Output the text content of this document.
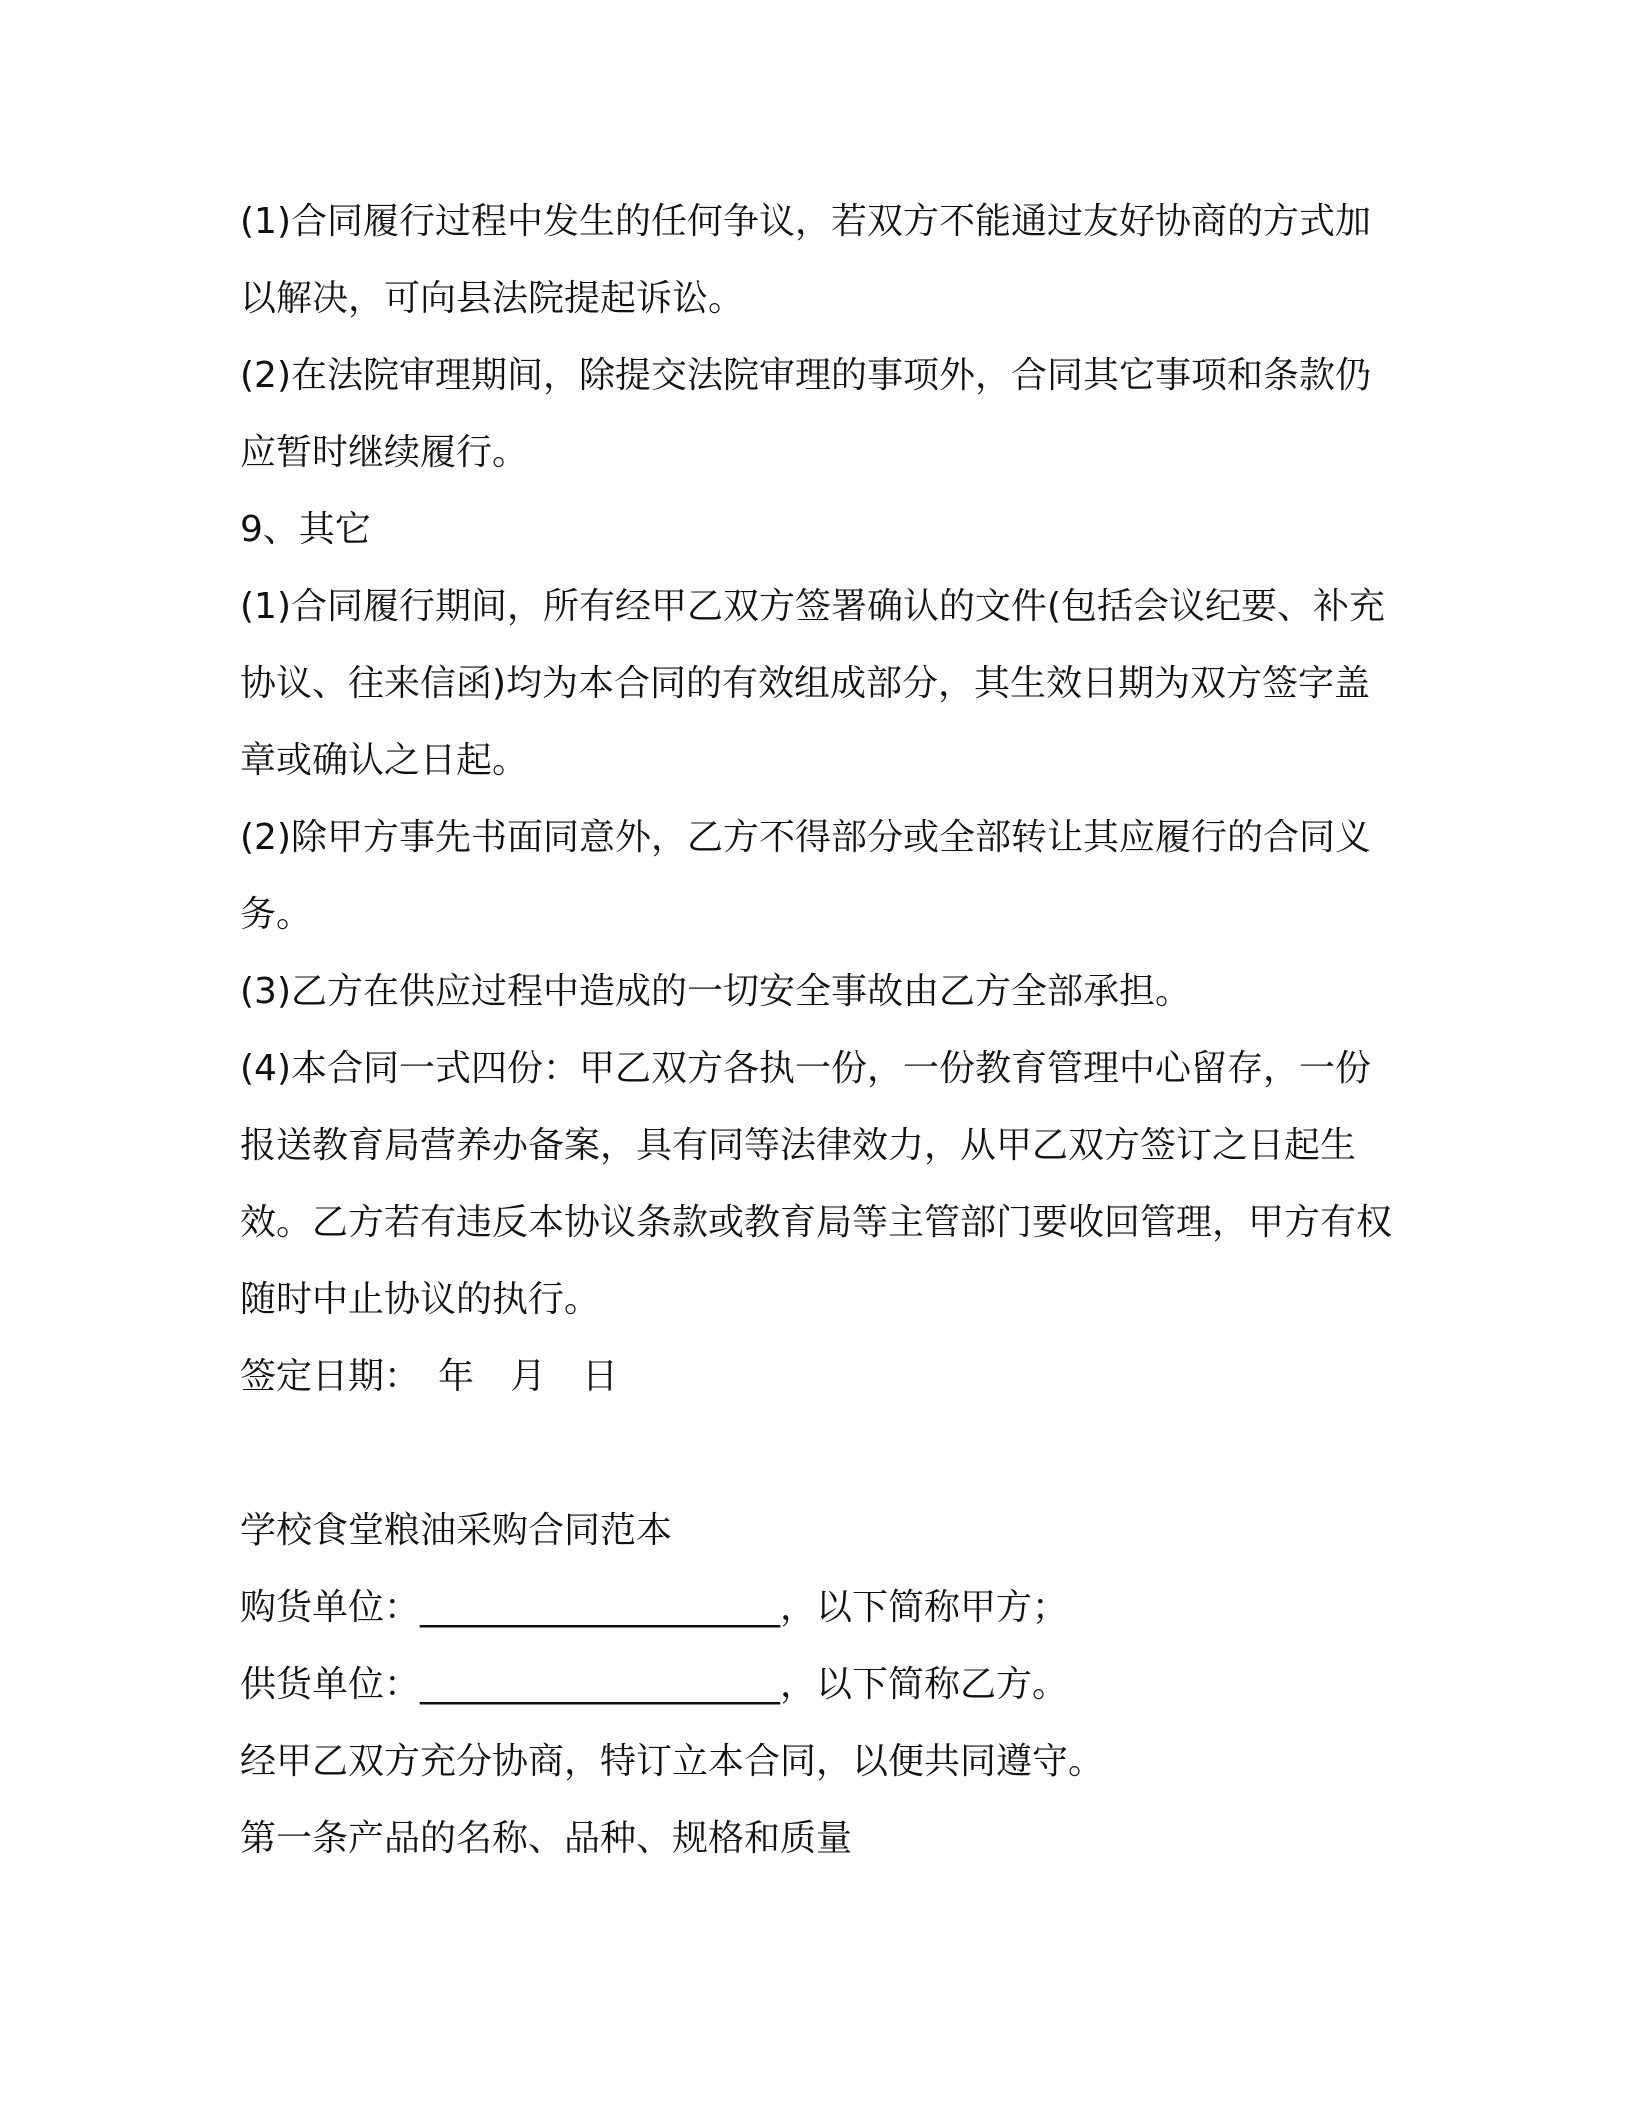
(1)合同履行过程中发生的任何争议，若双方不能通过友好协商的方式加以解决，可向县法院提起诉讼。

(2)在法院审理期间，除提交法院审理的事项外，合同其它事项和条款仍应暂时继续履行。

9、其它

(1)合同履行期间，所有经甲乙双方签署确认的文件(包括会议纪要、补充协议、往来信函)均为本合同的有效组成部分，其生效日期为双方签字盖章或确认之日起。

(2)除甲方事先书面同意外，乙方不得部分或全部转让其应履行的合同义务。

(3)乙方在供应过程中造成的一切安全事故由乙方全部承担。

(4)本合同一式四份：甲乙双方各执一份，一份教育管理中心留存，一份报送教育局营养办备案，具有同等法律效力，从甲乙双方签订之日起生效。乙方若有违反本协议条款或教育局等主管部门要收回管理，甲方有权随时中止协议的执行。

签定日期：　年　月　日

学校食堂粮油采购合同范本

购货单位：____________________，以下简称甲方；

供货单位：____________________，以下简称乙方。

经甲乙双方充分协商，特订立本合同，以便共同遵守。

第一条产品的名称、品种、规格和质量
